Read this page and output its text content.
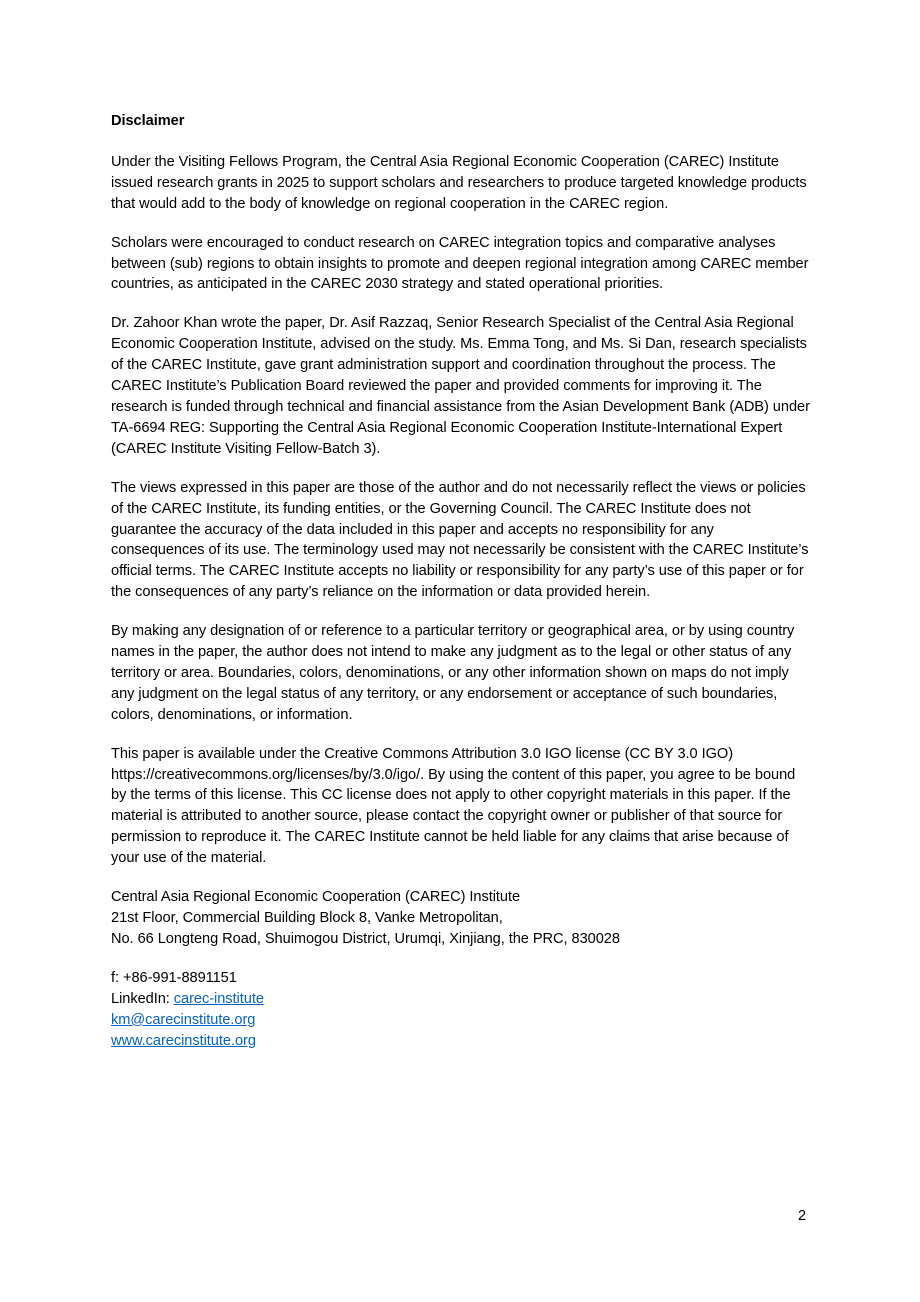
Disclaimer

Under the Visiting Fellows Program, the Central Asia Regional Economic Cooperation (CAREC) Institute issued research grants in 2025 to support scholars and researchers to produce targeted knowledge products that would add to the body of knowledge on regional cooperation in the CAREC region.

Scholars were encouraged to conduct research on CAREC integration topics and comparative analyses between (sub) regions to obtain insights to promote and deepen regional integration among CAREC member countries, as anticipated in the CAREC 2030 strategy and stated operational priorities.

Dr. Zahoor Khan wrote the paper, Dr. Asif Razzaq, Senior Research Specialist of the Central Asia Regional Economic Cooperation Institute, advised on the study. Ms. Emma Tong, and Ms. Si Dan, research specialists of the CAREC Institute, gave grant administration support and coordination throughout the process. The CAREC Institute’s Publication Board reviewed the paper and provided comments for improving it. The research is funded through technical and financial assistance from the Asian Development Bank (ADB) under TA-6694 REG: Supporting the Central Asia Regional Economic Cooperation Institute-International Expert (CAREC Institute Visiting Fellow-Batch 3).

The views expressed in this paper are those of the author and do not necessarily reflect the views or policies of the CAREC Institute, its funding entities, or the Governing Council. The CAREC Institute does not guarantee the accuracy of the data included in this paper and accepts no responsibility for any consequences of its use. The terminology used may not necessarily be consistent with the CAREC Institute’s official terms. The CAREC Institute accepts no liability or responsibility for any party’s use of this paper or for the consequences of any party’s reliance on the information or data provided herein.

By making any designation of or reference to a particular territory or geographical area, or by using country names in the paper, the author does not intend to make any judgment as to the legal or other status of any territory or area. Boundaries, colors, denominations, or any other information shown on maps do not imply any judgment on the legal status of any territory, or any endorsement or acceptance of such boundaries, colors, denominations, or information.

This paper is available under the Creative Commons Attribution 3.0 IGO license (CC BY 3.0 IGO) https://creativecommons.org/licenses/by/3.0/igo/. By using the content of this paper, you agree to be bound by the terms of this license. This CC license does not apply to other copyright materials in this paper. If the material is attributed to another source, please contact the copyright owner or publisher of that source for permission to reproduce it. The CAREC Institute cannot be held liable for any claims that arise because of your use of the material.

Central Asia Regional Economic Cooperation (CAREC) Institute
21st Floor, Commercial Building Block 8, Vanke Metropolitan,
No. 66 Longteng Road, Shuimogou District, Urumqi, Xinjiang, the PRC, 830028
f: +86-991-8891151
LinkedIn: carec-institute
km@carecinstitute.org
www.carecinstitute.org
2
